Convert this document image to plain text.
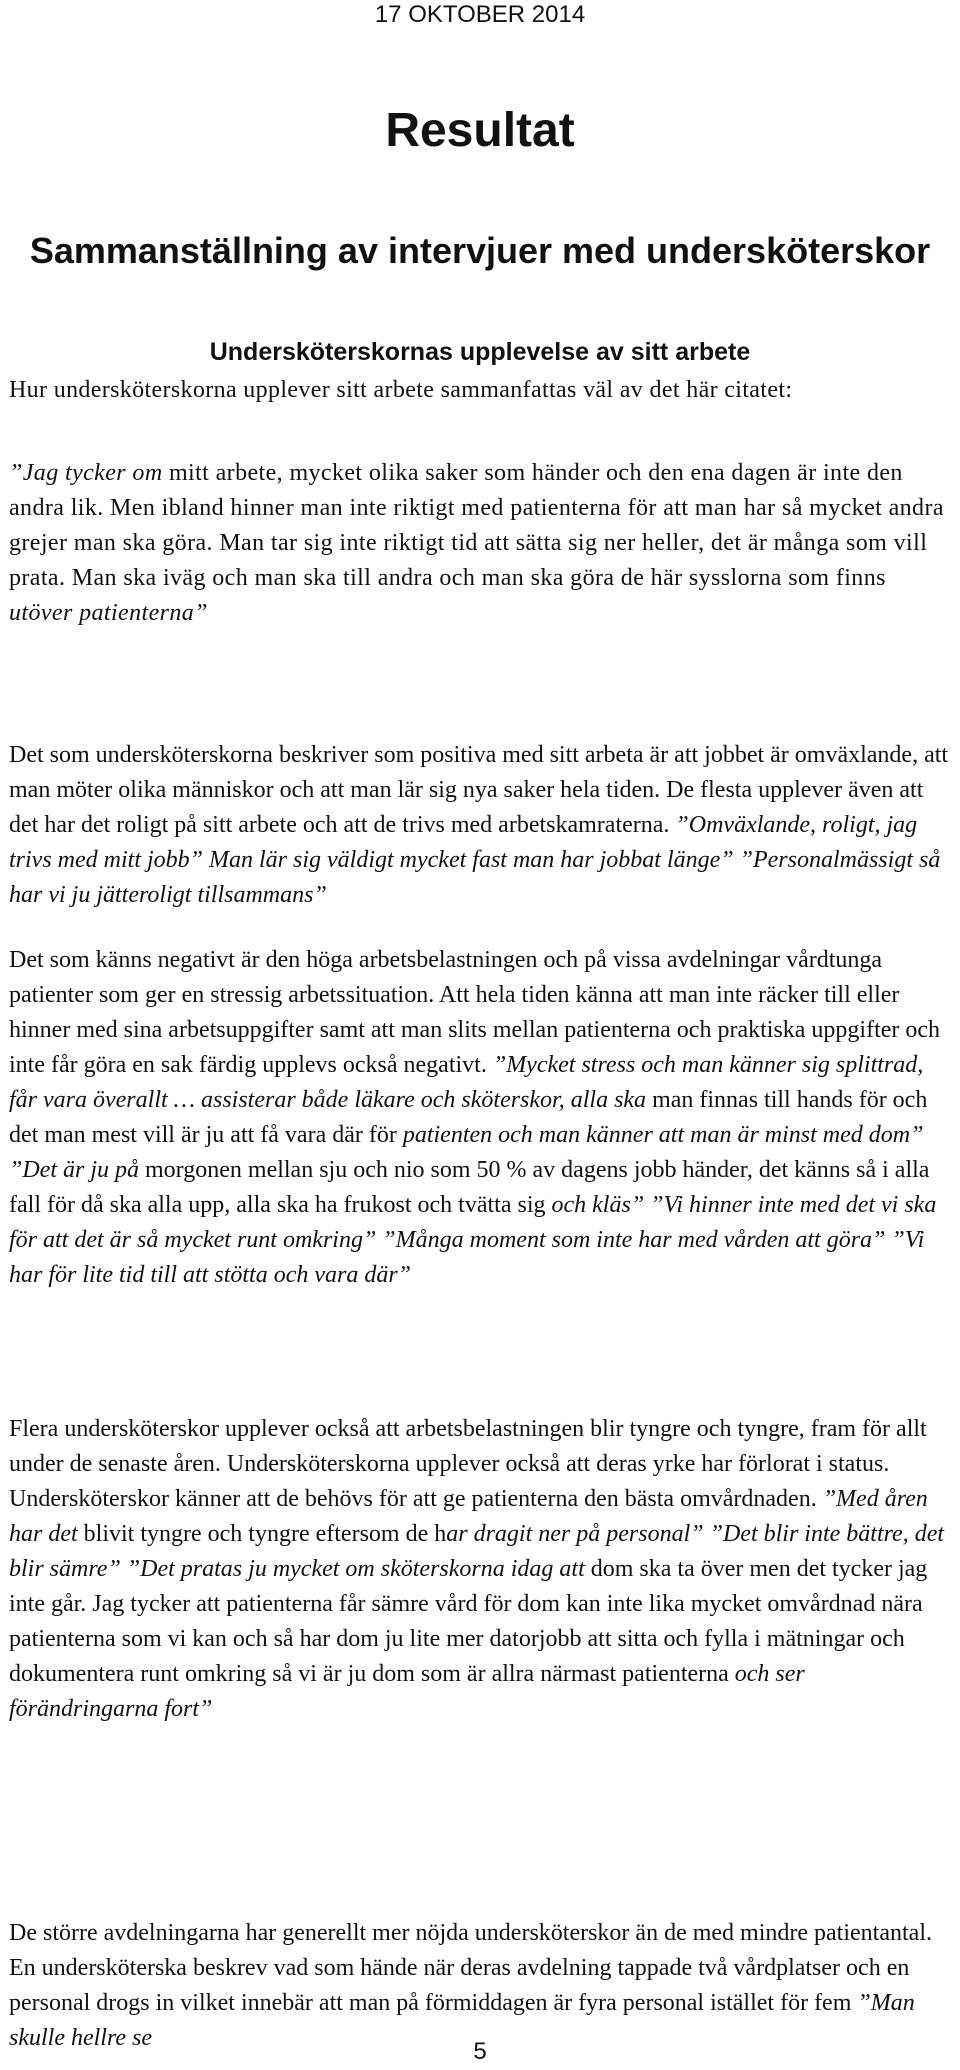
17 OKTOBER 2014
Resultat
Sammanställning av intervjuer med undersköterskor
Undersköterskornas upplevelse av sitt arbete

Hur undersköterskorna upplever sitt arbete sammanfattas väl av det här citatet:

”Jag tycker om mitt arbete, mycket olika saker som händer och den ena dagen är inte den andra lik. Men ibland hinner man inte riktigt med patienterna för att man har så mycket andra grejer man ska göra. Man tar sig inte riktigt tid att sätta sig ner heller, det är många som vill prata. Man ska iväg och man ska till andra och man ska göra de här sysslorna som finns utöver patienterna”

Det som undersköterskorna beskriver som positiva med sitt arbeta är att jobbet är omväxlande, att man möter olika människor och att man lär sig nya saker hela tiden. De flesta upplever även att det har det roligt på sitt arbete och att de trivs med arbetskamraterna. ”Omväxlande, roligt, jag trivs med mitt jobb” Man lär sig väldigt mycket fast man har jobbat länge” ”Personalmässigt så har vi ju jätteroligt tillsammans”

Det som känns negativt är den höga arbetsbelastningen och på vissa avdelningar vårdtunga patienter som ger en stressig arbetssituation. Att hela tiden känna att man inte räcker till eller hinner med sina arbetsuppgifter samt att man slits mellan patienterna och praktiska uppgifter och inte får göra en sak färdig upplevs också negativt. ”Mycket stress och man känner sig splittrad, får vara överallt … assisterar både läkare och sköterskor, alla ska man finnas till hands för och det man mest vill är ju att få vara där för patienten och man känner att man är minst med dom” ”Det är ju på morgonen mellan sju och nio som 50 % av dagens jobb händer, det känns så i alla fall för då ska alla upp, alla ska ha frukost och tvätta sig och kläs” ”Vi hinner inte med det vi ska för att det är så mycket runt omkring” ”Många moment som inte har med vården att göra” ”Vi har för lite tid till att stötta och vara där”

Flera undersköterskor upplever också att arbetsbelastningen blir tyngre och tyngre, fram för allt under de senaste åren. Undersköterskorna upplever också att deras yrke har förlorat i status. Undersköterskor känner att de behövs för att ge patienterna den bästa omvårdnaden. ”Med åren har det blivit tyngre och tyngre eftersom de har dragit ner på personal” ”Det blir inte bättre, det blir sämre” ”Det pratas ju mycket om sköterskorna idag att dom ska ta över men det tycker jag inte går. Jag tycker att patienterna får sämre vård för dom kan inte lika mycket omvårdnad nära patienterna som vi kan och så har dom ju lite mer datorjobb att sitta och fylla i mätningar och dokumentera runt omkring så vi är ju dom som är allra närmast patienterna och ser förändringarna fort”

De större avdelningarna har generellt mer nöjda undersköterskor än de med mindre patientantal. En undersköterska beskrev vad som hände när deras avdelning tappade två vårdplatser och en personal drogs in vilket innebär att man på förmiddagen är fyra personal istället för fem ”Man skulle hellre se	5
